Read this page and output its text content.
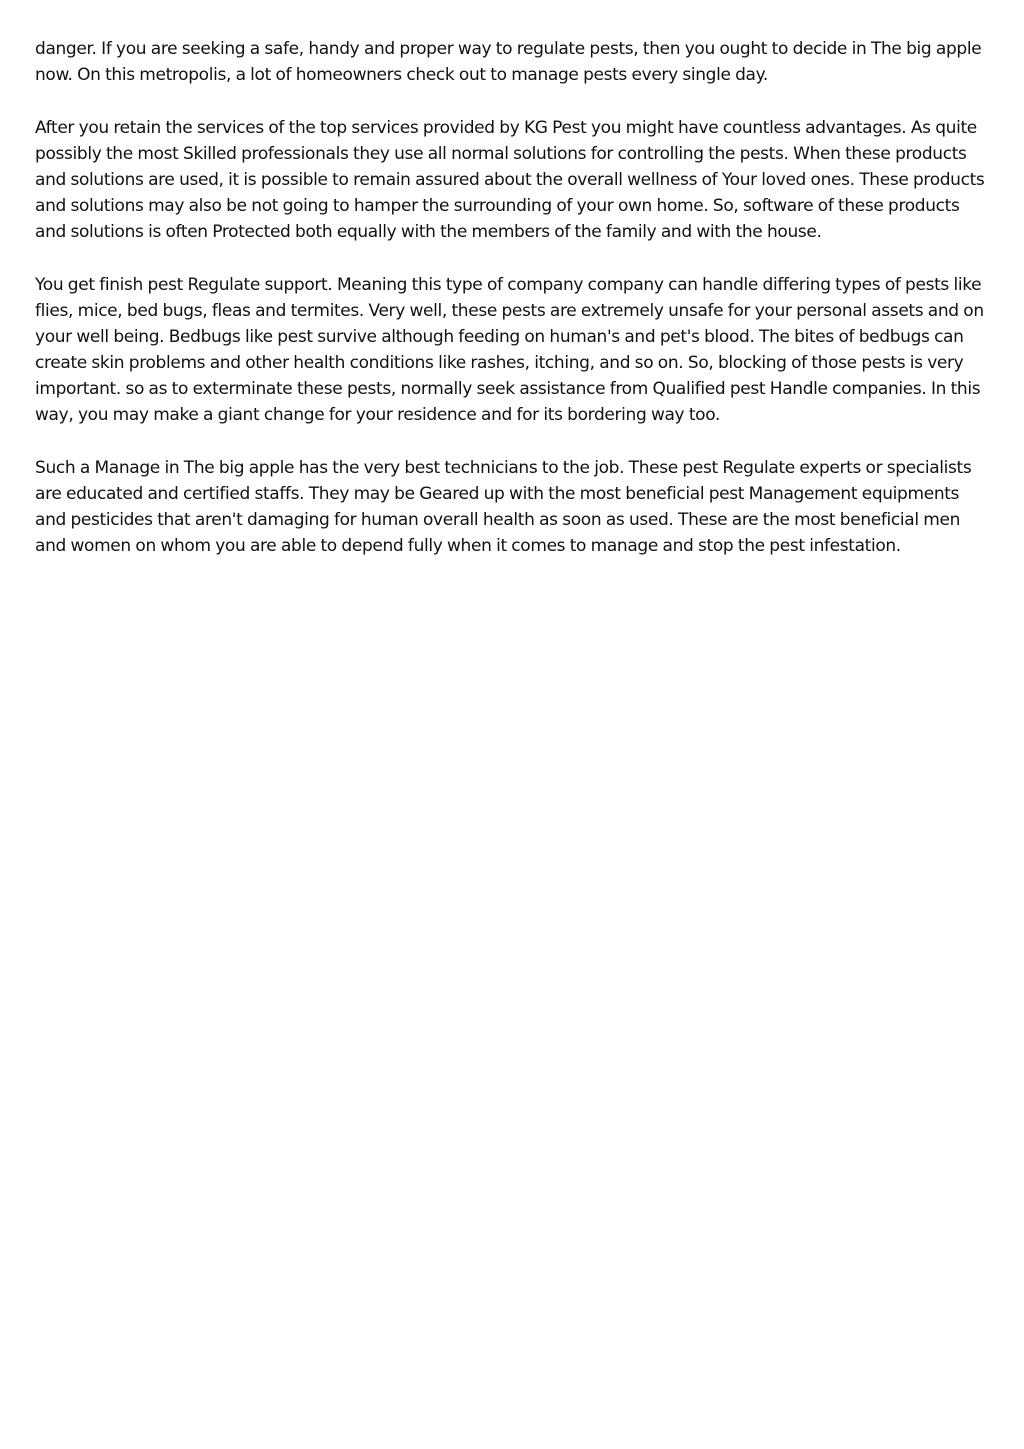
danger. If you are seeking a safe, handy and proper way to regulate pests, then you ought to decide in The big apple now. On this metropolis, a lot of homeowners check out to manage pests every single day.

After you retain the services of the top services provided by KG Pest you might have countless advantages. As quite possibly the most Skilled professionals they use all normal solutions for controlling the pests. When these products and solutions are used, it is possible to remain assured about the overall wellness of Your loved ones. These products and solutions may also be not going to hamper the surrounding of your own home. So, software of these products and solutions is often Protected both equally with the members of the family and with the house.

You get finish pest Regulate support. Meaning this type of company company can handle differing types of pests like flies, mice, bed bugs, fleas and termites. Very well, these pests are extremely unsafe for your personal assets and on your well being. Bedbugs like pest survive although feeding on human's and pet's blood. The bites of bedbugs can create skin problems and other health conditions like rashes, itching, and so on. So, blocking of those pests is very important. so as to exterminate these pests, normally seek assistance from Qualified pest Handle companies. In this way, you may make a giant change for your residence and for its bordering way too.

Such a Manage in The big apple has the very best technicians to the job. These pest Regulate experts or specialists are educated and certified staffs. They may be Geared up with the most beneficial pest Management equipments and pesticides that aren't damaging for human overall health as soon as used. These are the most beneficial men and women on whom you are able to depend fully when it comes to manage and stop the pest infestation.
